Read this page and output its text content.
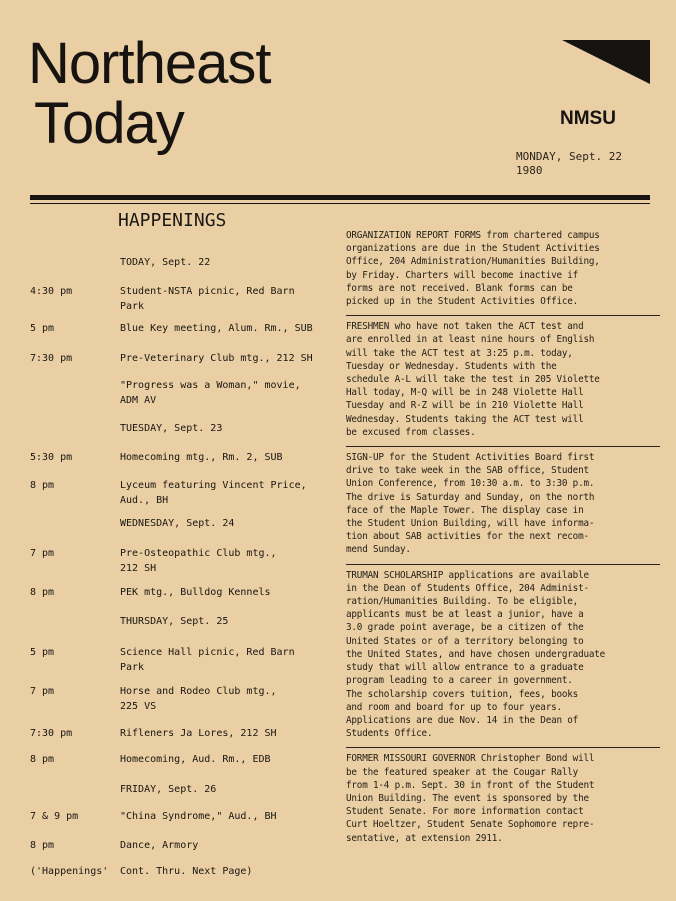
Northeast

Today	NMSU
MONDAY, Sept. 22
1980
HAPPENINGS
TODAY, Sept. 22
4:30 pm	Student-NSTA picnic, Red Barn
Park
5 pm	Blue Key meeting, Alum. Rm., SUB
7:30 pm	Pre-Veterinary Club mtg., 212 SH
"Progress was a Woman," movie,
ADM AV
TUESDAY, Sept. 23
5:30 pm	Homecoming mtg., Rm. 2, SUB
8 pm	Lyceum featuring Vincent Price,
Aud., BH
WEDNESDAY, Sept. 24
7 pm	Pre-Osteopathic Club mtg.,
212 SH
8 pm	PEK mtg., Bulldog Kennels
THURSDAY, Sept. 25
5 pm	Science Hall picnic, Red Barn
Park
7 pm	Horse and Rodeo Club mtg.,
225 VS
7:30 pm	Rifleners Ja Lores, 212 SH
8 pm	Homecoming, Aud. Rm., EDB
FRIDAY, Sept. 26
7 & 9 pm	"China Syndrome," Aud., BH
8 pm	Dance, Armory
('Happenings'	Cont. Thru. Next Page)
ORGANIZATION REPORT FORMS from chartered campus
organizations are due in the Student Activities
Office, 204 Administration/Humanities Building,
by Friday. Charters will become inactive if
forms are not received. Blank forms can be
picked up in the Student Activities Office.
FRESHMEN who have not taken the ACT test and
are enrolled in at least nine hours of English
will take the ACT test at 3:25 p.m. today,
Tuesday or Wednesday. Students with the
schedule A-L will take the test in 205 Violette
Hall today, M-Q will be in 248 Violette Hall
Tuesday and R-Z will be in 210 Violette Hall
Wednesday. Students taking the ACT test will
be excused from classes.
SIGN-UP for the Student Activities Board first
drive to take week in the SAB office, Student
Union Conference, from 10:30 a.m. to 3:30 p.m.
The drive is Saturday and Sunday, on the north
face of the Maple Tower. The display case in
the Student Union Building, will have informa-
tion about SAB activities for the next recom-
mend Sunday.
TRUMAN SCHOLARSHIP applications are available
in the Dean of Students Office, 204 Administ-
ration/Humanities Building. To be eligible,
applicants must be at least a junior, have a
3.0 grade point average, be a citizen of the
United States or of a territory belonging to
the United States, and have chosen undergraduate
study that will allow entrance to a graduate
program leading to a career in government.
The scholarship covers tuition, fees, books
and room and board for up to four years.
Applications are due Nov. 14 in the Dean of
Students Office.
FORMER MISSOURI GOVERNOR Christopher Bond will
be the featured speaker at the Cougar Rally
from 1-4 p.m. Sept. 30 in front of the Student
Union Building. The event is sponsored by the
Student Senate. For more information contact
Curt Hoeltzer, Student Senate Sophomore repre-
sentative, at extension 2911.
